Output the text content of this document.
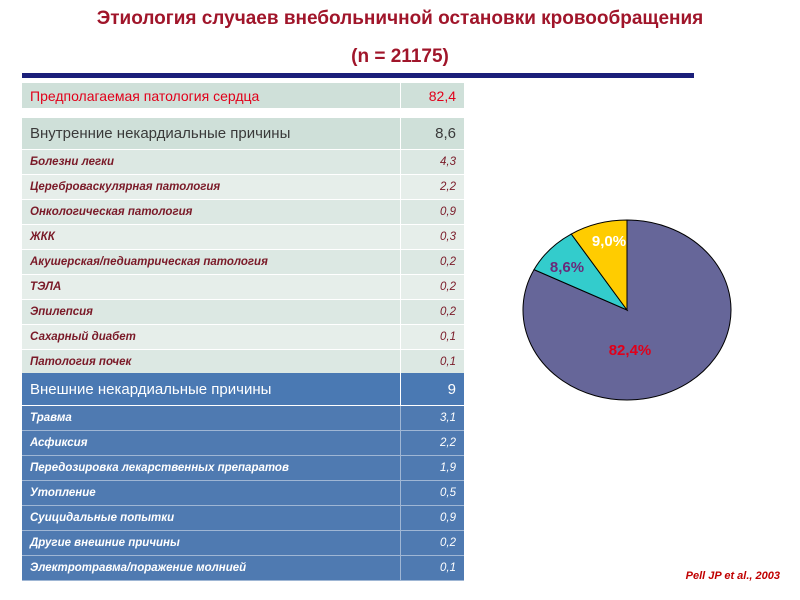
Этиология случаев внебольничной остановки кровообращения
(n = 21175)
Предполагаемая патология сердца	82,4
Внутренние некардиальные причины	8,6
Болезни легки	4,3
Цереброваскулярная патология	2,2
Онкологическая патология	0,9
ЖКК	0,3
Акушерская/педиатрическая патология	0,2
ТЭЛА	0,2
Эпилепсия	0,2
Сахарный диабет	0,1
Патология почек	0,1
Внешние некардиальные причины	9
Травма	3,1
Асфиксия	2,2
Передозировка лекарственных препаратов	1,9
Утопление	0,5
Суицидальные попытки	0,9
Другие внешние причины	0,2
Электротравма/поражение молнией	0,1
82,4%
8,6%
9,0%
Pell JP et al., 2003
